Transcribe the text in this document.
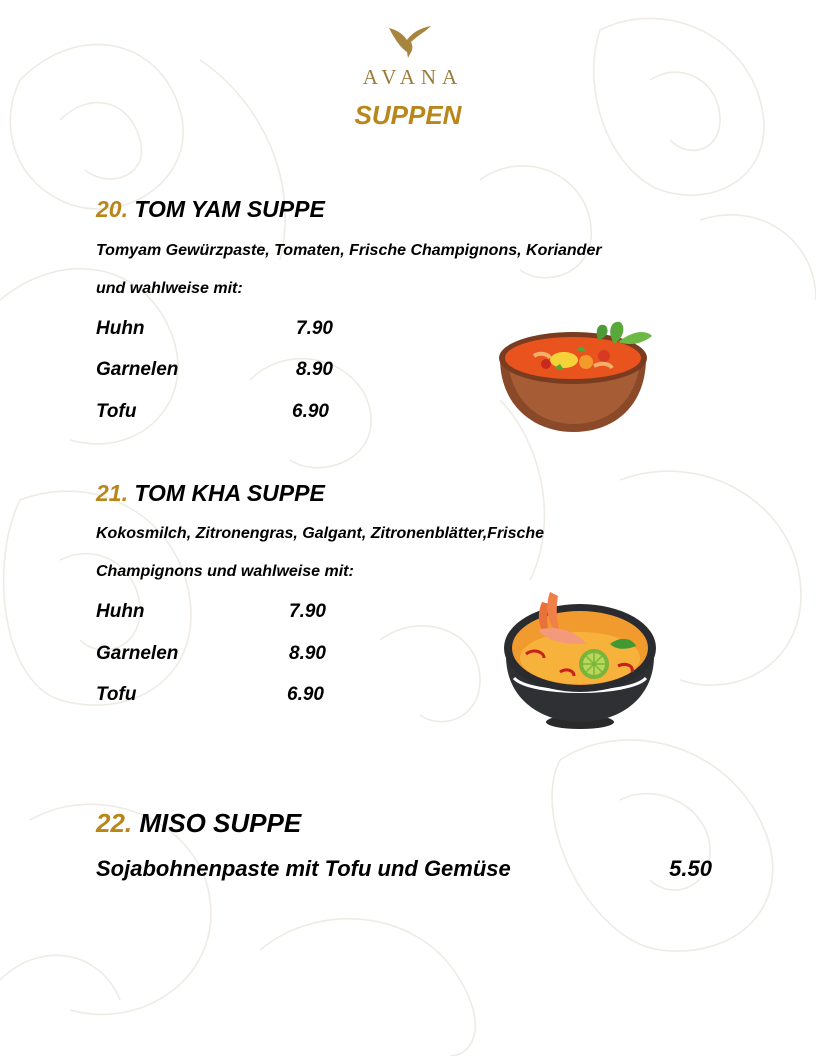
AVANA
SUPPEN
20. TOM YAM SUPPE
Tomyam Gewürzpaste, Tomaten, Frische Champignons, Koriander
und wahlweise mit:
Huhn	7.90
Garnelen	8.90
Tofu	6.90
21. TOM KHA SUPPE
Kokosmilch, Zitronengras, Galgant, Zitronenblätter,Frische
Champignons und wahlweise mit:
Huhn	7.90
Garnelen	8.90
Tofu	6.90
22. MISO SUPPE
Sojabohnenpaste mit Tofu und Gemüse	5.50
